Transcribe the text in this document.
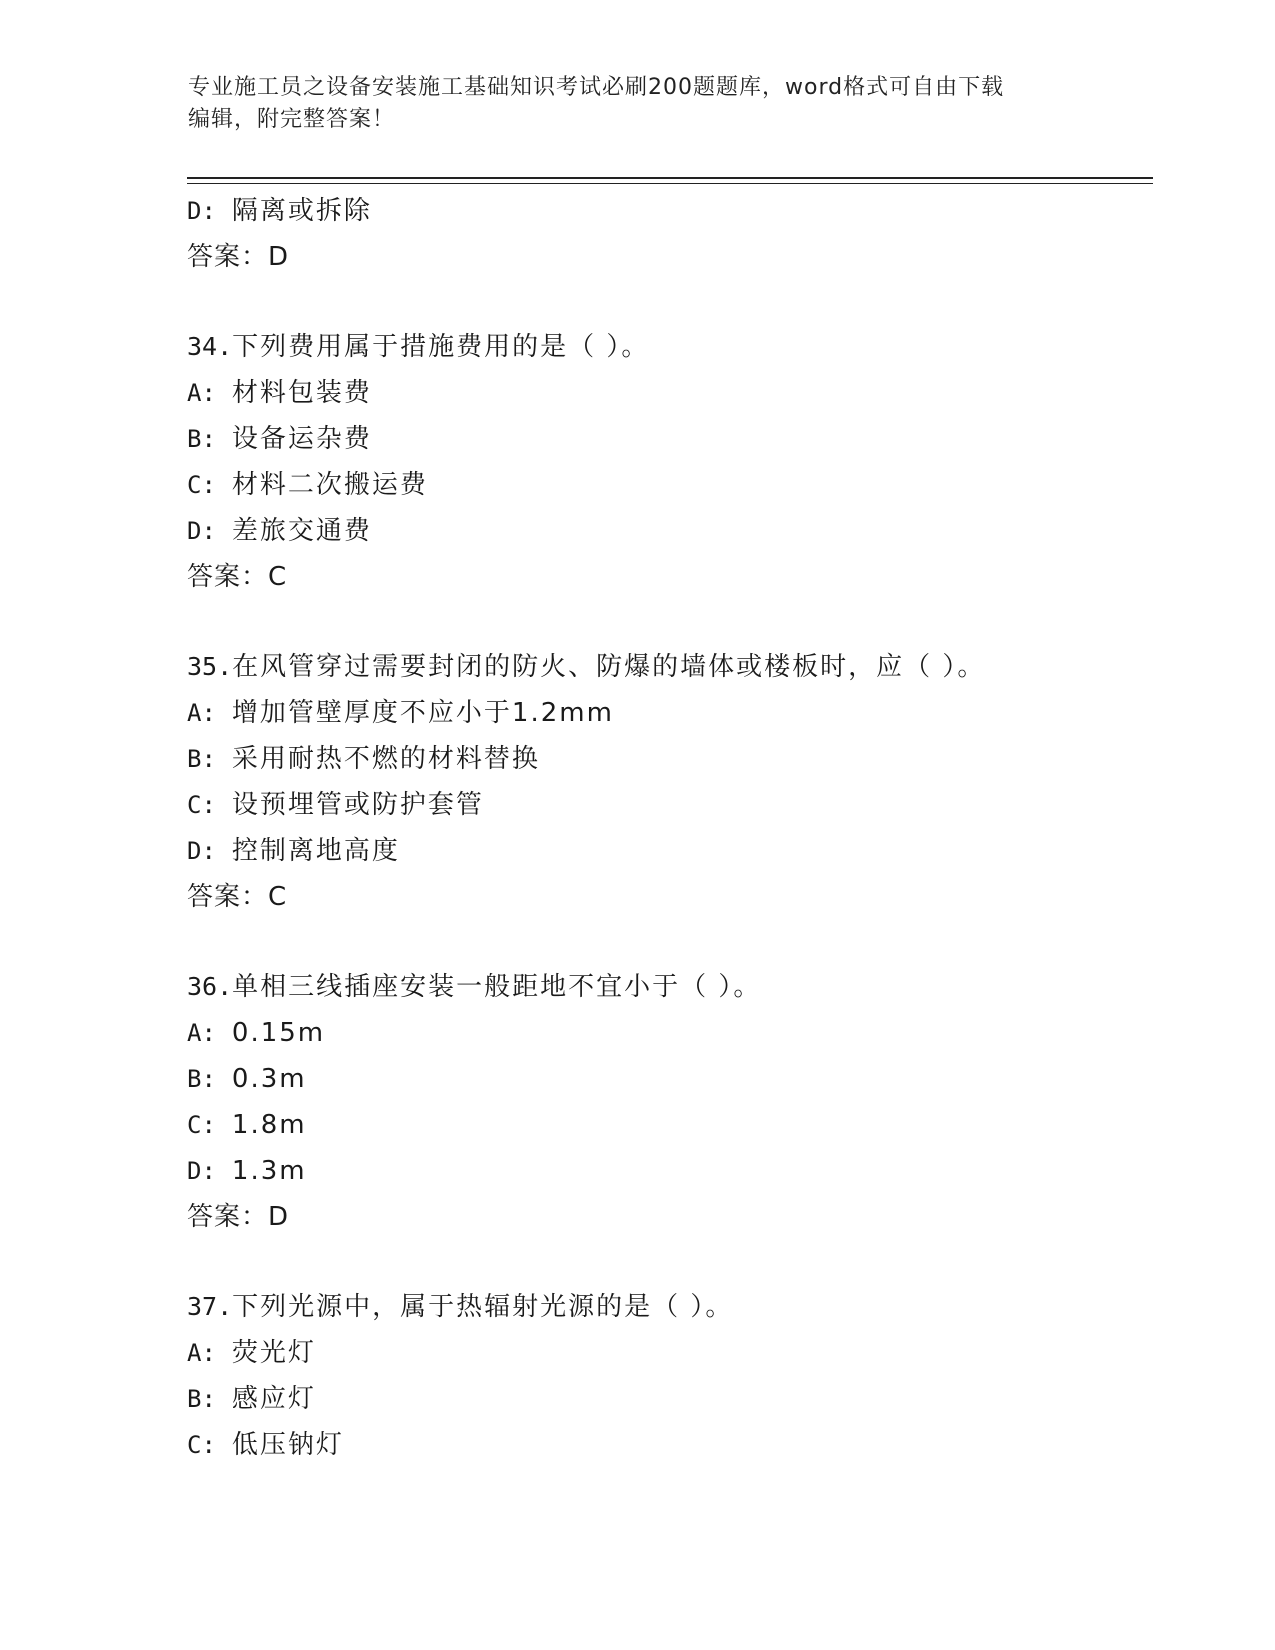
专业施工员之设备安装施工基础知识考试必刷200题题库，word格式可自由下载
编辑，附完整答案！
D: 隔离或拆除
答案：D
34.下列费用属于措施费用的是（ ）。
A: 材料包装费
B: 设备运杂费
C: 材料二次搬运费
D: 差旅交通费
答案：C
35.在风管穿过需要封闭的防火、防爆的墙体或楼板时，应（ ）。
A: 增加管壁厚度不应小于1.2mm
B: 采用耐热不燃的材料替换
C: 设预埋管或防护套管
D: 控制离地高度
答案：C
36.单相三线插座安装一般距地不宜小于（ ）。
A: 0.15m
B: 0.3m
C: 1.8m
D: 1.3m
答案：D
37.下列光源中，属于热辐射光源的是（ ）。
A: 荧光灯
B: 感应灯
C: 低压钠灯
